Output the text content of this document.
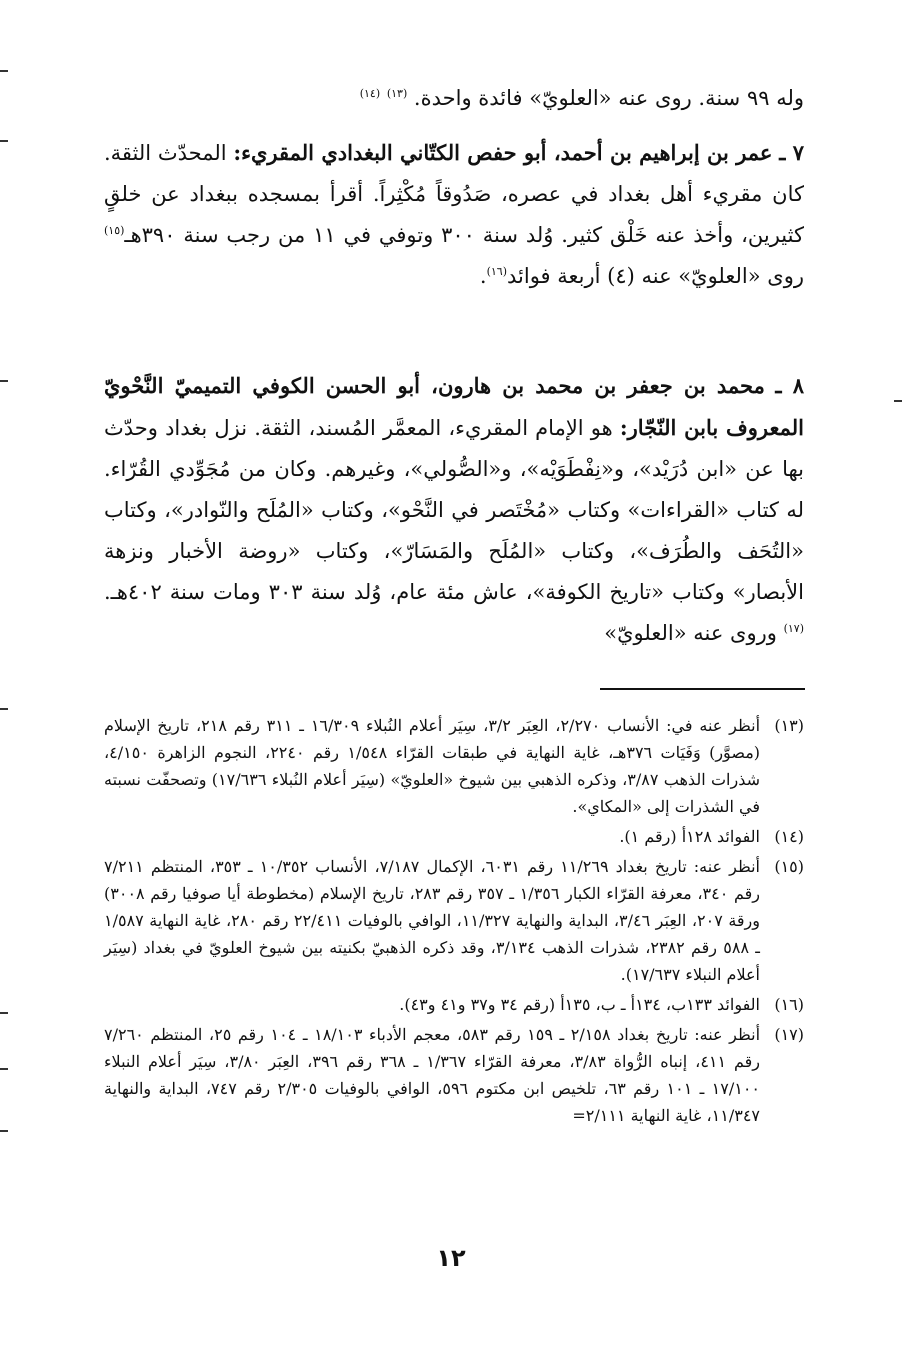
وله ٩٩ سنة. روى عنه «العلويّ» فائدة واحدة. $^{(١٣)}$ $^{(١٤)}$
٧ ـ عمر بن إبراهيم بن أحمد، أبو حفص الكتّاني البغدادي المقريء: المحدّث الثقة. كان مقريء أهل بغداد في عصره، صَدُوقاً مُكْثِراً. أقرأ بمسجده ببغداد عن خلقٍ كثيرين، وأخذ عنه خَلْق كثير. وُلد سنة ٣٠٠ وتوفي في ١١ من رجب سنة ٣٩٠هـ$^{(١٥)}$ روى «العلويّ» عنه (٤) أربعة فوائد$^{(١٦)}$.
٨ ـ محمد بن جعفر بن محمد بن هارون، أبو الحسن الكوفي التميميّ النَّحْويّ المعروف بابن النّجّار: هو الإمام المقريء، المعمَّر المُسند، الثقة. نزل بغداد وحدّث بها عن «ابن دُرَيْد»، و«نِفْطَوَيْه»، و«الصُّولي»، وغيرهم. وكان من مُجَوِّدي القُرّاء. له كتاب «القراءات» وكتاب «مُخْتَصر في النَّحْو»، وكتاب «المُلَح والنّوادر»، وكتاب «التُحَف والطُرَف»، وكتاب «المُلَح والمَسَارّ»، وكتاب «روضة الأخبار ونزهة الأبصار» وكتاب «تاريخ الكوفة»، عاش مئة عام، وُلد سنة ٣٠٣ ومات سنة ٤٠٢هـ.$^{(١٧)}$ وروى عنه «العلويّ»
(١٣)
أنظر عنه في: الأنساب ٢/٢٧٠، العِبَر ٣/٢، سِيَر أعلام النُبلاء ١٦/٣٠٩ ـ ٣١١ رقم ٢١٨، تاريخ الإسلام (مصوَّر) وَفَيَات ٣٧٦هـ، غاية النهاية في طبقات القرّاء ١/٥٤٨ رقم ٢٢٤٠، النجوم الزاهرة ٤/١٥٠، شذرات الذهب ٣/٨٧، وذكره الذهبي بين شيوخ «العلويّ» (سِيَر أعلام النُبلاء ١٧/٦٣٦) وتصحفّت نسبته في الشذرات إلى «المكاي».
(١٤)
الفوائد ١٢٨أ (رقم ١).
(١٥)
أنظر عنه: تاريخ بغداد ١١/٢٦٩ رقم ٦٠٣١، الإكمال ٧/١٨٧، الأنساب ١٠/٣٥٢ ـ ٣٥٣، المنتظم ٧/٢١١ رقم ٣٤٠، معرفة القرّاء الكبار ١/٣٥٦ ـ ٣٥٧ رقم ٢٨٣، تاريخ الإسلام (مخطوطة أيا صوفيا رقم ٣٠٠٨) ورقة ٢٠٧، العِبَر ٣/٤٦، البداية والنهاية ١١/٣٢٧، الوافي بالوفيات ٢٢/٤١١ رقم ٢٨٠، غاية النهاية ١/٥٨٧ ـ ٥٨٨ رقم ٢٣٨٢، شذرات الذهب ٣/١٣٤، وقد ذكره الذهبيّ بكنيته بين شيوخ العلويّ في بغداد (سِيَر أعلام النبلاء ١٧/٦٣٧).
(١٦)
الفوائد ١٣٣ب، ١٣٤أ ـ ب، ١٣٥أ (رقم ٣٤ و٣٧ و٤١ و٤٣).
(١٧)
أنظر عنه: تاريخ بغداد ٢/١٥٨ ـ ١٥٩ رقم ٥٨٣، معجم الأدباء ١٨/١٠٣ ـ ١٠٤ رقم ٢٥، المنتظم ٧/٢٦٠ رقم ٤١١، إنباه الرُّواة ٣/٨٣، معرفة القرّاء ١/٣٦٧ ـ ٣٦٨ رقم ٣٩٦، العِبَر ٣/٨٠، سِيَر أعلام النبلاء ١٧/١٠٠ ـ ١٠١ رقم ٦٣، تلخيص ابن مكتوم ٥٩٦، الوافي بالوفيات ٢/٣٠٥ رقم ٧٤٧، البداية والنهاية ١١/٣٤٧، غاية النهاية ٢/١١١=
١٢
